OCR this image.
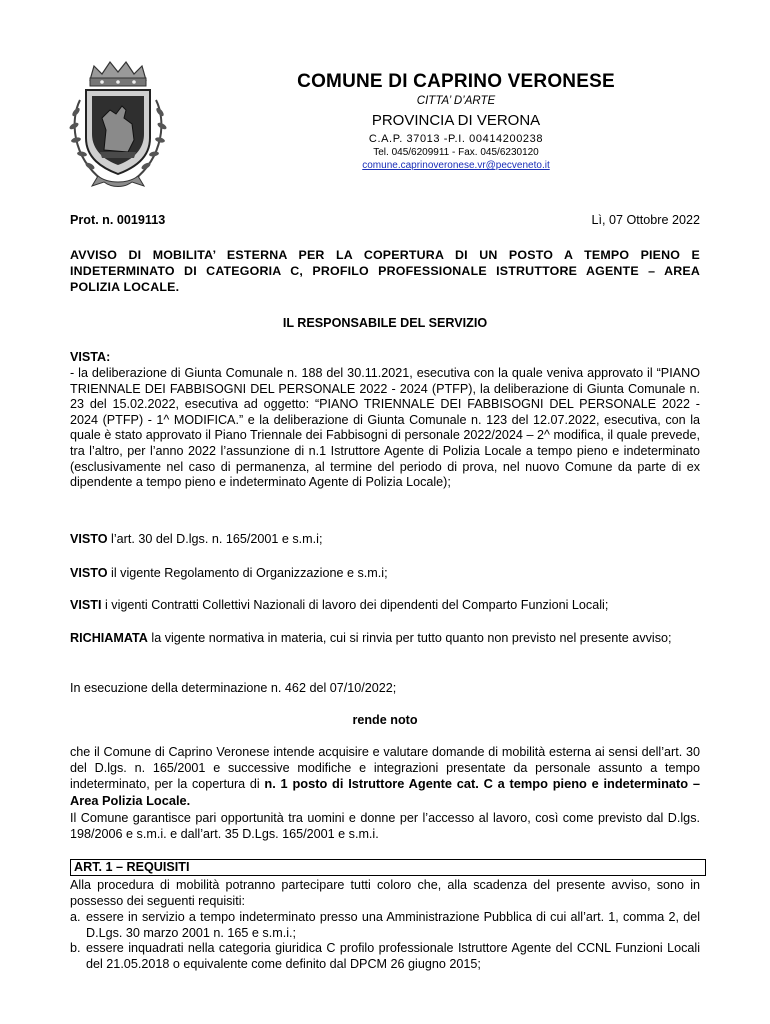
COMUNE DI CAPRINO VERONESE
CITTA’ D’ARTE
PROVINCIA DI VERONA
C.A.P. 37013 -P.I. 00414200238
Tel. 045/6209911 - Fax. 045/6230120
comune.caprinoveronese.vr@pecveneto.it
Prot. n. 0019113	Lì, 07 Ottobre 2022
AVVISO DI MOBILITA’ ESTERNA PER LA COPERTURA DI UN POSTO A TEMPO PIENO E INDETERMINATO DI CATEGORIA C, PROFILO PROFESSIONALE ISTRUTTORE AGENTE – AREA POLIZIA LOCALE.
IL RESPONSABILE DEL SERVIZIO
VISTA:
- la deliberazione di Giunta Comunale n. 188 del 30.11.2021, esecutiva con la quale veniva approvato il “PIANO TRIENNALE DEI FABBISOGNI DEL PERSONALE 2022 - 2024 (PTFP), la deliberazione di Giunta Comunale n. 23 del 15.02.2022, esecutiva ad oggetto: “PIANO TRIENNALE DEI FABBISOGNI DEL PERSONALE 2022 - 2024 (PTFP) - 1^ MODIFICA.” e la deliberazione di Giunta Comunale n. 123 del 12.07.2022, esecutiva, con la quale è stato approvato il Piano Triennale dei Fabbisogni di personale 2022/2024 – 2^ modifica, il quale prevede, tra l’altro, per l’anno 2022 l’assunzione di n.1 Istruttore Agente di Polizia Locale a tempo pieno e indeterminato (esclusivamente nel caso di permanenza, al termine del periodo di prova, nel nuovo Comune da parte di ex dipendente a tempo pieno e indeterminato Agente di Polizia Locale);
VISTO l’art. 30 del D.lgs. n. 165/2001 e s.m.i;
VISTO il vigente Regolamento di Organizzazione e s.m.i;
VISTI i vigenti Contratti Collettivi Nazionali di lavoro dei dipendenti del Comparto Funzioni Locali;
RICHIAMATA la vigente normativa in materia, cui si rinvia per tutto quanto non previsto nel presente avviso;
In esecuzione della determinazione n. 462 del 07/10/2022;
rende noto
che il Comune di Caprino Veronese intende acquisire e valutare domande di mobilità esterna ai sensi dell’art. 30 del D.lgs. n. 165/2001 e successive modifiche e integrazioni presentate da personale assunto a tempo indeterminato, per la copertura di n. 1 posto di Istruttore Agente cat. C a tempo pieno e indeterminato – Area Polizia Locale.
Il Comune garantisce pari opportunità tra uomini e donne per l’accesso al lavoro, così come previsto dal D.lgs. 198/2006 e s.m.i. e dall’art. 35 D.Lgs. 165/2001 e s.m.i.
ART. 1 – REQUISITI
Alla procedura di mobilità potranno partecipare tutti coloro che, alla scadenza del presente avviso, sono in possesso dei seguenti requisiti:
a. essere in servizio a tempo indeterminato presso una Amministrazione Pubblica di cui all’art. 1, comma 2, del D.Lgs. 30 marzo 2001 n. 165 e s.m.i.;
b. essere inquadrati nella categoria giuridica C profilo professionale Istruttore Agente del CCNL Funzioni Locali del 21.05.2018 o equivalente come definito dal DPCM 26 giugno 2015;
